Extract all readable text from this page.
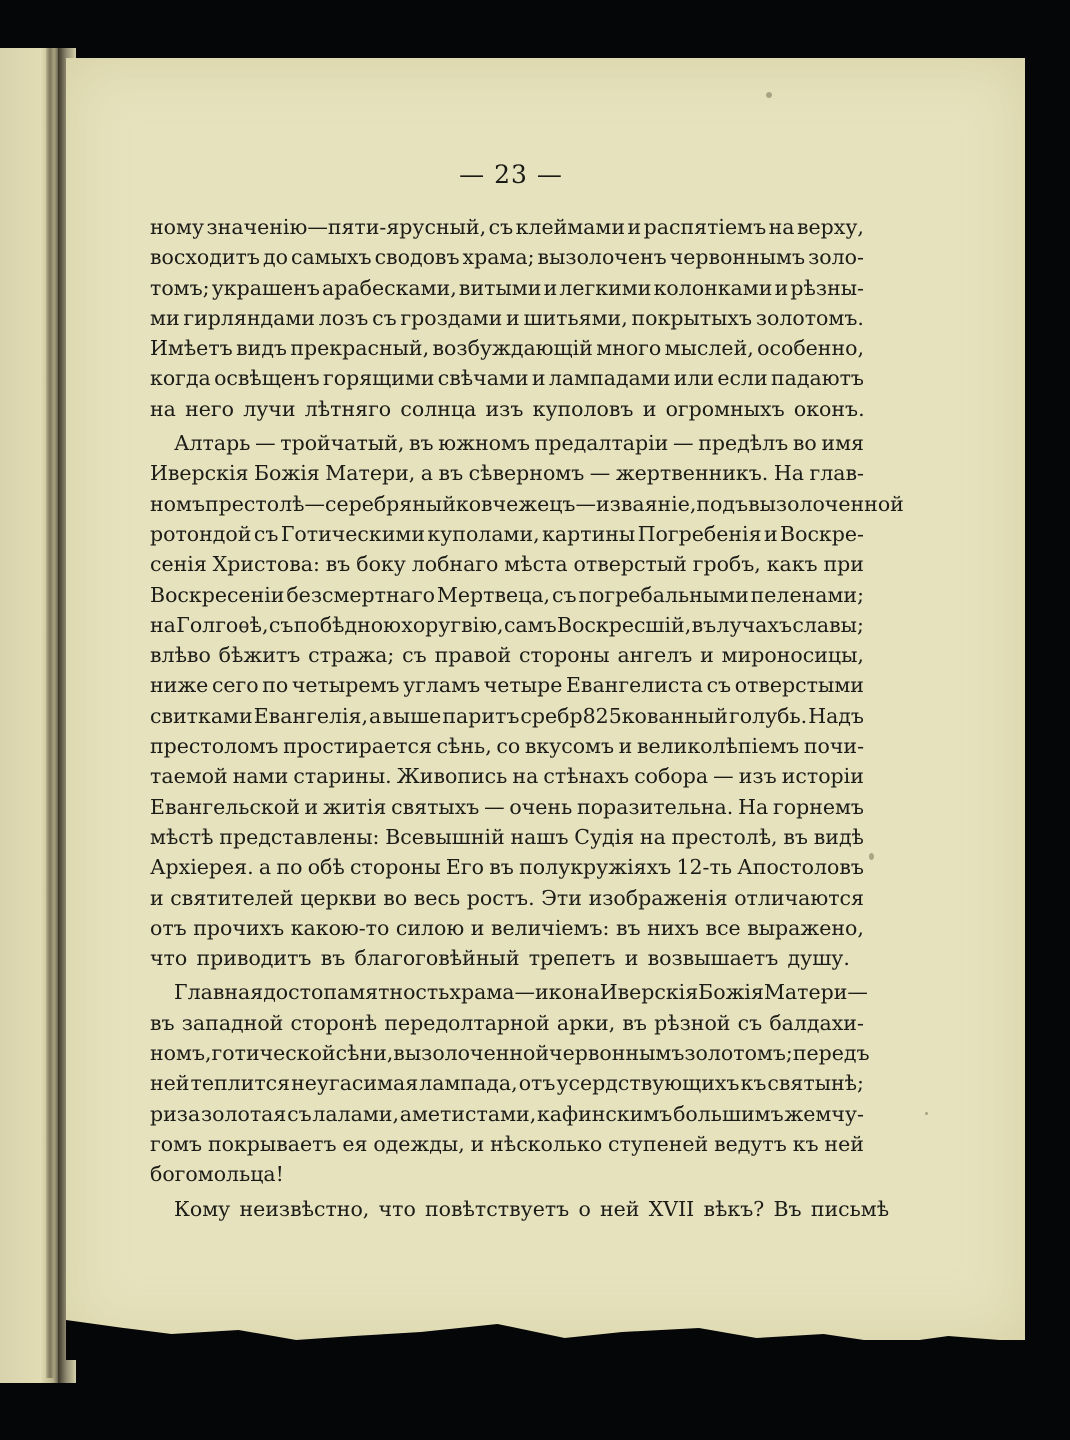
— 23 —
ному значенію—пяти-ярусный, съ клеймами и распятіемъ на верху,
восходитъ до самыхъ сводовъ храма; вызолоченъ червоннымъ золо-
томъ; украшенъ арабесками, витыми и легкими колонками и рѣзны-
ми гирляндами лозъ съ гроздами и шитьями, покрытыхъ золотомъ.
Имѣетъ видъ прекрасный, возбуждающій много мыслей, особенно,
когда освѣщенъ горящими свѣчами и лампадами или если падаютъ
на него лучи лѣтняго солнца изъ куполовъ и огромныхъ оконъ.
Алтарь — тройчатый, въ южномъ предалтаріи — предѣлъ во имя
Иверскія Божія Матери, а въ сѣверномъ — жертвенникъ. На глав-
номъ престолѣ—серебряный ковчежецъ—изваяніе, подъ вызолоченной
ротондой съ Готическими куполами, картины Погребенія и Воскре-
сенія Христова: въ боку лобнаго мѣста отверстый гробъ, какъ при
Воскресеніи безсмертнаго Мертвеца, съ погребальными пеленами;
на Голгоѳѣ, съ побѣдною хоругвію, самъ Воскресшій, въ лучахъ славы;
влѣво бѣжитъ стража; съ правой стороны ангелъ и мироносицы,
ниже сего по четыремъ угламъ четыре Евангелиста съ отверстыми
свитками Евангелія, а выше паритъ сребр825кованный голубь. Надъ
престоломъ простирается сѣнь, со вкусомъ и великолѣпіемъ почи-
таемой нами старины. Живопись на стѣнахъ собора — изъ исторіи
Евангельской и житія святыхъ — очень поразительна. На горнемъ
мѣстѣ представлены: Всевышній нашъ Судія на престолѣ, въ видѣ
Архіерея. а по обѣ стороны Его въ полукружіяхъ 12-ть Апостоловъ
и святителей церкви во весь ростъ. Эти изображенія отличаются
отъ прочихъ какою-то силою и величіемъ: въ нихъ все выражено,
что приводитъ въ благоговѣйный трепетъ и возвышаетъ душу.
Главная достопамятность храма—икона Иверскія Божія Матери—
въ западной сторонѣ передолтарной арки, въ рѣзной съ балдахи-
номъ, готической сѣни, вызолоченной червоннымъ золотомъ; передъ
ней теплится неугасимая лампада, отъ усердствующихъ къ святынѣ;
риза золотая съ лалами, аметистами, кафинскимъ большимъ жемчу-
гомъ покрываетъ ея одежды, и нѣсколько ступеней ведутъ къ ней
богомольца!
Кому неизвѣстно, что повѣтствуетъ о ней XVII вѣкъ? Въ письмѣ
